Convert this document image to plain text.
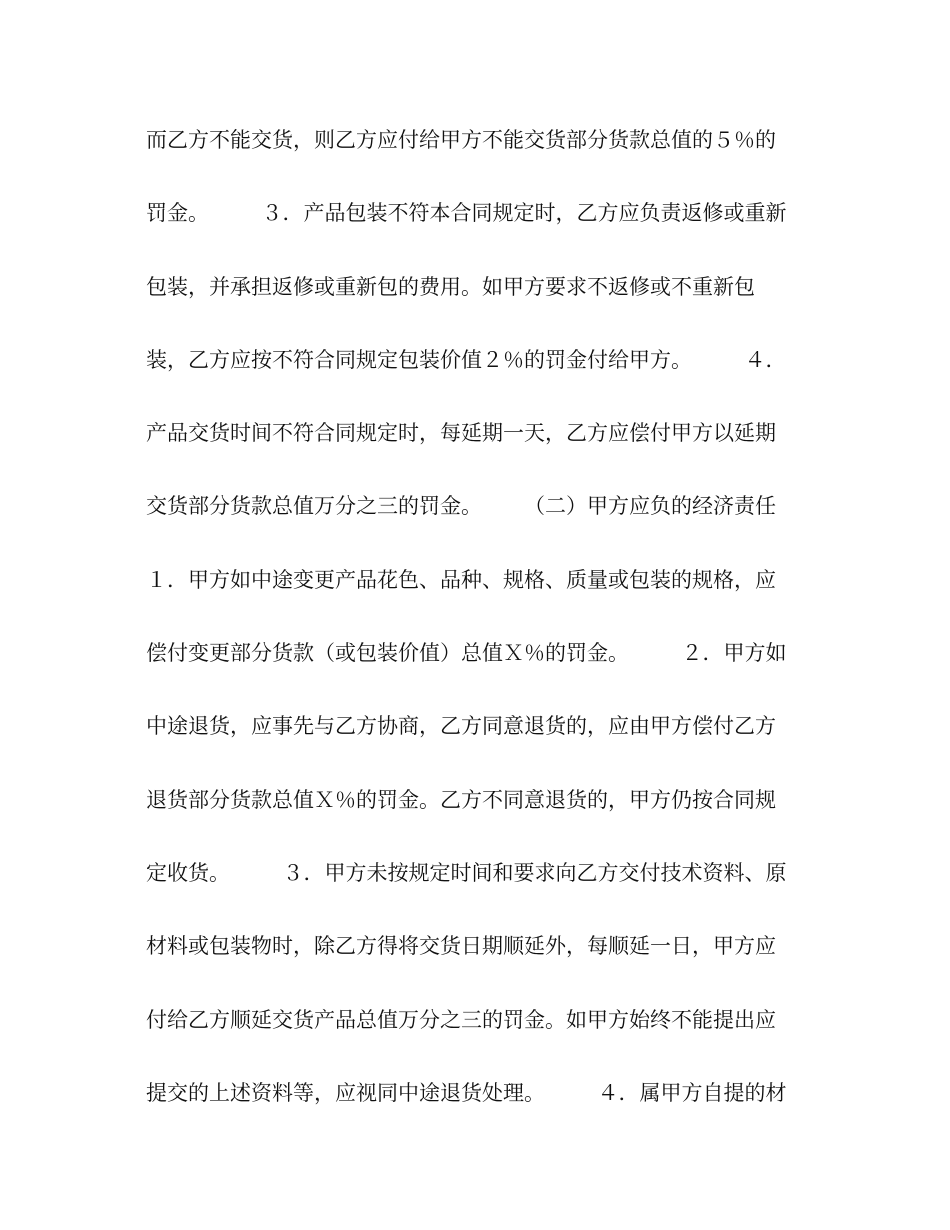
而乙方不能交货，则乙方应付给甲方不能交货部分货款总值的５％的
罚金。　　　３．产品包装不符本合同规定时，乙方应负责返修或重新
包装，并承担返修或重新包的费用。如甲方要求不返修或不重新包
装，乙方应按不符合同规定包装价值２％的罚金付给甲方。　　　４．
产品交货时间不符合同规定时，每延期一天，乙方应偿付甲方以延期
交货部分货款总值万分之三的罚金。　　　（二）甲方应负的经济责任
１．甲方如中途变更产品花色、品种、规格、质量或包装的规格，应
偿付变更部分货款（或包装价值）总值Ｘ％的罚金。　　　２．甲方如
中途退货，应事先与乙方协商，乙方同意退货的，应由甲方偿付乙方
退货部分货款总值Ｘ％的罚金。乙方不同意退货的，甲方仍按合同规
定收货。　　　３．甲方未按规定时间和要求向乙方交付技术资料、原
材料或包装物时，除乙方得将交货日期顺延外，每顺延一日，甲方应
付给乙方顺延交货产品总值万分之三的罚金。如甲方始终不能提出应
提交的上述资料等，应视同中途退货处理。　　　４．属甲方自提的材
